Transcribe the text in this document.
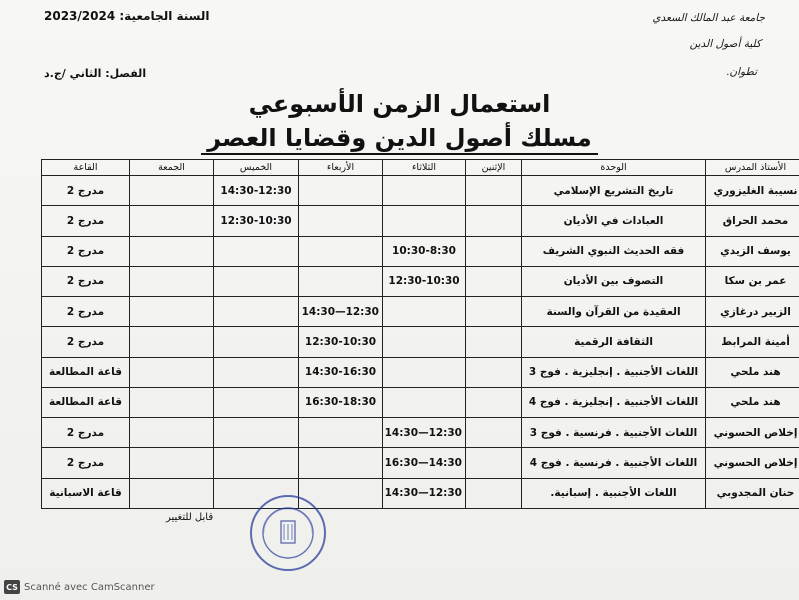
السنة الجامعية: 2023/2024
الفصل: الثاني /ج.د
جامعة عبد المالك السعدي
كلية أصول الدين
تطوان.
استعمال الزمن الأسبوعي
مسلك أصول الدين وقضايا العصر
الأستاذ المدرس	الوحدة	الإثنين	الثلاثاء	الأربعاء	الخميس	الجمعة	القاعة
نسيبة الغليزوري	تاريخ التشريع الإسلامي				14:30-12:30		مدرج 2
محمد الحراق	العبادات في الأديان				12:30-10:30		مدرج 2
يوسف الزيدي	فقه الحديث النبوي الشريف		10:30-8:30				مدرج 2
عمر بن سكا	التصوف بين الأديان		12:30-10:30				مدرج 2
الزبير درغازي	العقيدة من القرآن والسنة			12:30—14:30			مدرج 2
أمينة المرابط	الثقافة الرقمية			12:30-10:30			مدرج 2
هند ملحي	اللغات الأجنبية . إنجليزية . فوج 3			14:30-16:30			قاعة المطالعة
هند ملحي	اللغات الأجنبية . إنجليزية . فوج 4			16:30-18:30			قاعة المطالعة
إخلاص الحسوني	اللغات الأجنبية . فرنسية . فوج 3		12:30—14:30				مدرج 2
إخلاص الحسوني	اللغات الأجنبية . فرنسية . فوج 4		14:30—16:30				مدرج 2
حنان المجدوبي	اللغات الأجنبية . إسبانية.		12:30—14:30				قاعة الاسبانية
قابل للتغيير
CS Scanné avec CamScanner
